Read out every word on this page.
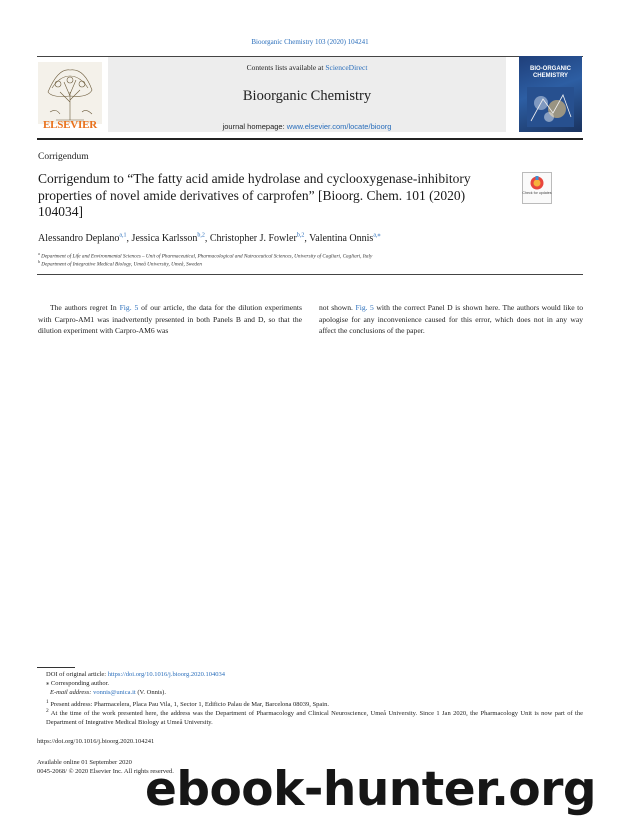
Bioorganic Chemistry 103 (2020) 104241
ELSEVIER
Contents lists available at ScienceDirect
Bioorganic Chemistry
journal homepage: www.elsevier.com/locate/bioorg
BIO-ORGANIC CHEMISTRY
Corrigendum
Corrigendum to “The fatty acid amide hydrolase and cyclooxygenase-inhibitory properties of novel amide derivatives of carprofen” [Bioorg. Chem. 101 (2020) 104034]
Check for updates
Alessandro Deplano$^{a,1}$, Jessica Karlsson$^{b,2}$, Christopher J. Fowler$^{b,2}$, Valentina Onnis$^{a,⁎}$
$^a$ Department of Life and Environmental Sciences – Unit of Pharmaceutical, Pharmacological and Nutraceutical Sciences, University of Cagliari, Cagliari, Italy
$^b$ Department of Integrative Medical Biology, Umeå University, Umeå, Sweden
The authors regret In Fig. 5 of our article, the data for the dilution experiments with Carpro-AM1 was inadvertently presented in both Panels B and D, so that the dilution experiment with Carpro-AM6 was
not shown. Fig. 5 with the correct Panel D is shown here. The authors would like to apologise for any inconvenience caused for this error, which does not in any way affect the conclusions of the paper.
DOI of original article: https://doi.org/10.1016/j.bioorg.2020.104034
⁎ Corresponding author.
E-mail address: vonnis@unica.it (V. Onnis).
$^1$ Present address: Pharmacelera, Placa Pau Vila, 1, Sector 1, Edificio Palau de Mar, Barcelona 08039, Spain.
$^2$ At the time of the work presented here, the address was the Department of Pharmacology and Clinical Neuroscience, Umeå University. Since 1 Jan 2020, the Pharmacology Unit is now part of the Department of Integrative Medical Biology at Umeå University.
https://doi.org/10.1016/j.bioorg.2020.104241
Available online 01 September 2020
0045-2068/ © 2020 Elsevier Inc. All rights reserved.
ebook-hunter.org
